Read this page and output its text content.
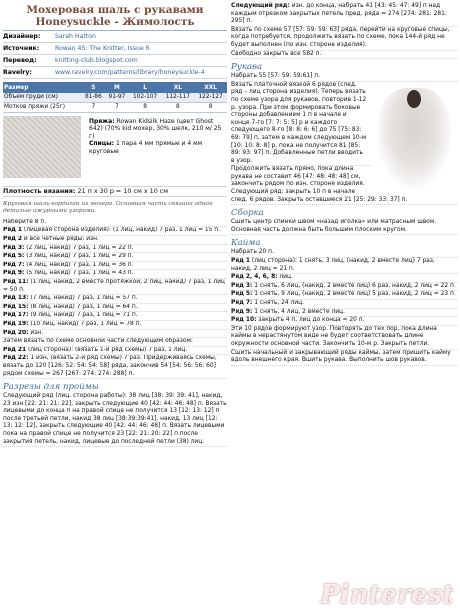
Мохеровая шаль с рукавами Honeysuckle - Жимолость
Дизайнер: Sarah Hatton
Источник:	Rowan 45: The Knitter, Issue 6
Перевод:	knitting-club.blogspot.com
Ravelry:	www.ravelry.com/patterns/library/honeysuckle-4
Размер	S	M	L	XL	XXL
Объем груди (см)	81-86	91-97	102-107	112-117	122-127
Мотков пряжи (25г)	7	7	8	8	8
Пряжа: Rowan Kidsilk Haze (цвет Ghost 642) (70% kid мохер, 30% шелк, 210 м/ 25 г)
Спицы: 1 пара 4 мм прямые и 4 мм круговые
Плотность вязания: 21 п х 30 р = 10 см х 10 см
Круговая шаль-кардиган из мохера. Основная часть связана одной деталью ажурными узорами.
Наберите 8 п.
Ряд 1 (лицевая сторона изделия): (1 лиц, накид) 7 раз, 1 лиц = 15 п.
Ряд 2 и все четные ряды: изн.
Ряд 3: (2 лиц, накид) 7 раз, 1 лиц = 22 п.
Ряд 5: (3 лиц, накид) 7 раз, 1 лиц = 29 п.
Ряд 7: (4 лиц, накид) 7 раз, 1 лиц = 36 п.
Ряд 9: (5 лиц, накид) 7 раз, 1 лиц = 43 п.
Ряд 11: (1 лиц, накид, 2 вместе протяжкой, 2 лиц, накид) 7 раз, 1 лиц = 50 п.
Ряд 13: (7 лиц, накид) 7 раз, 1 лиц = 57 п.
Ряд 15: (8 лиц, накид) 7 раз, 1 лиц = 64 п.
Ряд 17: (9 лиц, накид) 7 раз, 1 лиц = 71 п.
Ряд 19: (10 лиц, накид) 7 раз, 1 лиц = 78 п.
Ряд 20: изн.
Затем вязать по схеме основной части следующим образом:
Ряд 21 (лиц сторона): (вязать 1-й ряд схемы) 7 раз, 1 лиц.
Ряд 22: 1 изн, (вязать 2-й ряд схемы) 7 раз. Придерживаясь схемы, вязать до 120 [126: 52: 54: 54: 58] ряда, закончив 54 [54: 56: 56: 60] рядом схемы = 267 [267: 274: 274: 288] п.
Разрезы для проймы

Следующий ряд (лиц. сторона работы): 38 лиц [38: 39: 39: 41], накид, 23 изн [22: 21: 21: 22], закрыть следующие 40 [42: 44: 46: 48] п. Вязать лицевыми до конца п на правой спице не получится 13 [12: 13: 12] п после третьей петли, накид 38 лиц [38:39:39:41], накид, 13 лиц [12: 13: 12: 12], закрыть следующие 40 [42: 44: 46: 48] п. Вязать лицевыми пока на правой спице не получится 23 [22: 21: 20: 22] п после закрытия петель, накид, лицевые до последней петли (38) лиц.

Следующий ряд: изн. до конца, набрать 41 [43: 45: 47: 49] п над каждым отрезком закрытых петель пред. ряда = 274 [274: 281: 281: 295] п.

Вязать по схеме 57 [57: 59: 59: 63] ряда, перейти на круговые спицы, когда потребуется, продолжить вязать по схеме, пока 144-й ряд не будет выполнен (по изн. стороне изделия).

Свободно закрыть все 582 п.

Рукава

Набрать 55 [57: 59: 59:61] п.

Вязать платочной вязкой 6 рядов (след. ряд – лиц сторона изделия). Теперь вязать по схеме узора для рукавов, повторив 1-12 р. узора. При этом формировать боковые стороны добавлением 1 п в начале и конце 7-го [7: 7: 5: 5] р и каждого следующего 8-го [8: 8: 6: 6] до 75 [75: 83: 69: 79] п, затем в каждом следующем 10-м [10: 10: 8: 8] р, пока не получится 81 [85: 89: 93: 97] п. Добавленные петли вводить в узор.

Продолжить вязать прямо, пока длина рукава не составит 46 [47: 48: 48: 48] см, закончить рядом по изн. стороне изделия. Следующий ряд: закрыть 10 п в начале след. 6 рядов. Закрыть оставшиеся 21 [25: 29: 33: 37] п.

Сборка

Сшить центр спинки швом «назад иголка» или матрасным швом. Основная часть должна быть большим плоским кругом.

Кайма

Набрать 20 п.

Ряд 1 (лиц сторона): 1 снять, 3 лиц, (накид, 2 вместе лиц) 7 раз, накид, 2 лиц = 21 п.

Ряд 2, 4, 6, 8: лиц.

Ряд 3: 1 снять, 6 лиц, (накид, 2 вместе лиц) 6 раз, накид, 2 лиц = 22 п.

Ряд 5: 1 снять, 9 лиц, (накид, 2 вместе лиц) 5 раз, накид, 2 лиц = 23 п.

Ряд 7: 1 снять, 24 лиц.

Ряд 9: 1 снять, 4 лиц, 2 вместе лиц.

Ряд 10: закрыть 4 п, лиц до конца = 20 п.

Эти 10 рядов формируют узор. Повторять до тех пор, пока длина каймы в нерастянутом виде не будет соответствовать длине окружности основной части. Закончить 10-м р. Закрыть петли.

Сшить начальный и закрывающий ряды каймы, затем пришить кайму вдоль внешнего края. Вшить рукава. Выполнить шов рукавов.

Pinterest
